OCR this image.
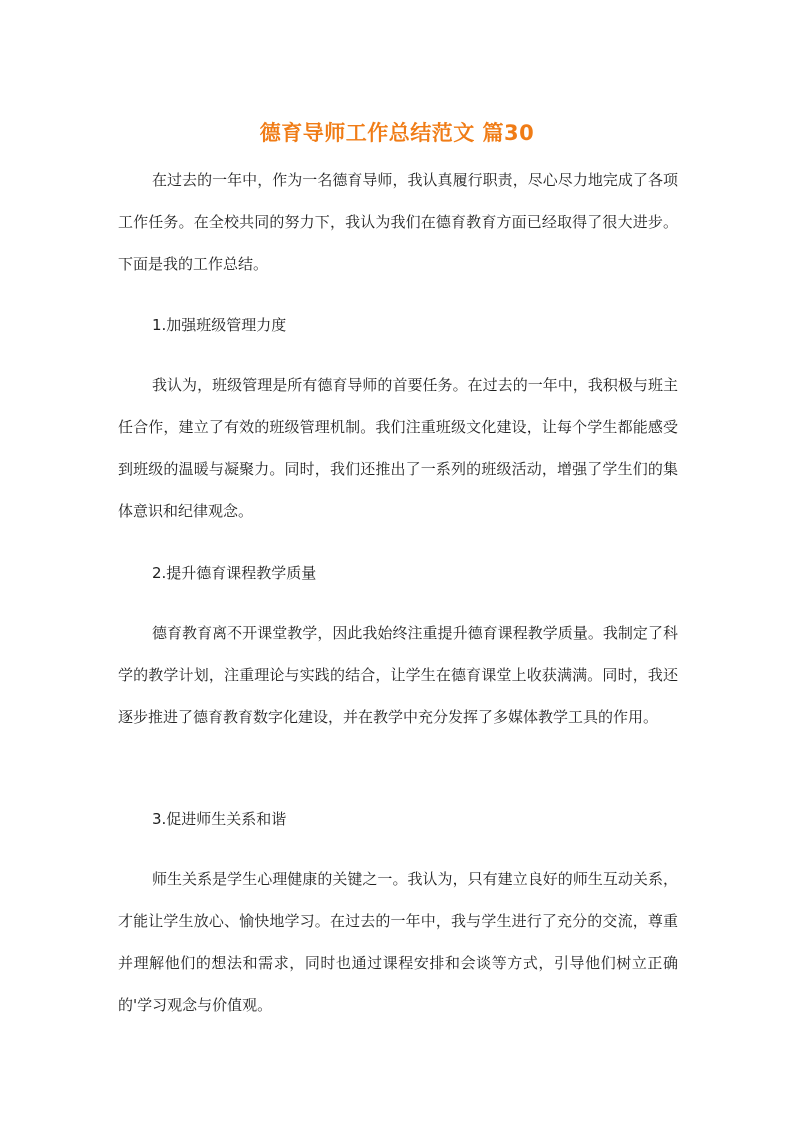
德育导师工作总结范文 篇30

在过去的一年中，作为一名德育导师，我认真履行职责，尽心尽力地完成了各项工作任务。在全校共同的努力下，我认为我们在德育教育方面已经取得了很大进步。下面是我的工作总结。

1.加强班级管理力度

我认为，班级管理是所有德育导师的首要任务。在过去的一年中，我积极与班主任合作，建立了有效的班级管理机制。我们注重班级文化建设，让每个学生都能感受到班级的温暖与凝聚力。同时，我们还推出了一系列的班级活动，增强了学生们的集体意识和纪律观念。

2.提升德育课程教学质量

德育教育离不开课堂教学，因此我始终注重提升德育课程教学质量。我制定了科学的教学计划，注重理论与实践的结合，让学生在德育课堂上收获满满。同时，我还逐步推进了德育教育数字化建设，并在教学中充分发挥了多媒体教学工具的作用。

3.促进师生关系和谐

师生关系是学生心理健康的关键之一。我认为，只有建立良好的师生互动关系，才能让学生放心、愉快地学习。在过去的一年中，我与学生进行了充分的交流，尊重并理解他们的想法和需求，同时也通过课程安排和会谈等方式，引导他们树立正确的'学习观念与价值观。
